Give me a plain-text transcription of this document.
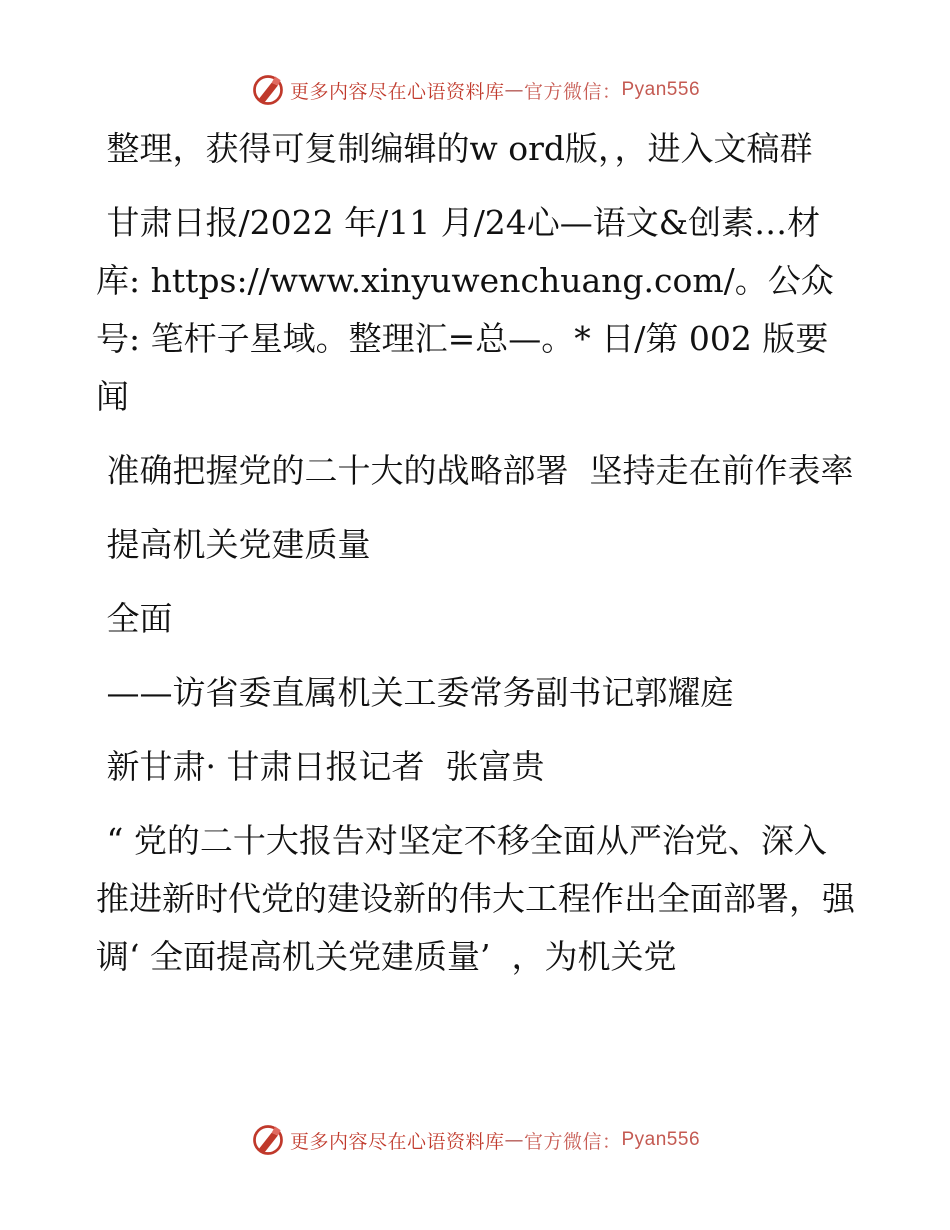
更多内容尽在心语资料库 — 官方微信： Pyan556

整理，获得可复制编辑的w ord版，，进入文稿群

甘肃日报/2022 年/11 月/24心—语文&创素…材库: https://www.xinyuwenchuang.com/。公众号: 笔杆子星域。整理汇=总—。* 日/第 002 版要闻

准确把握党的二十大的战略部署  坚持走在前作表率

提高机关党建质量

全面

——访省委直属机关工委常务副书记郭耀庭

新甘肃· 甘肃日报记者  张富贵

“ 党的二十大报告对坚定不移全面从严治党、深入推进新时代党的建设新的伟大工程作出全面部署，强调‘ 全面提高机关党建质量’  ，为机关党

更多内容尽在心语资料库 — 官方微信： Pyan556
